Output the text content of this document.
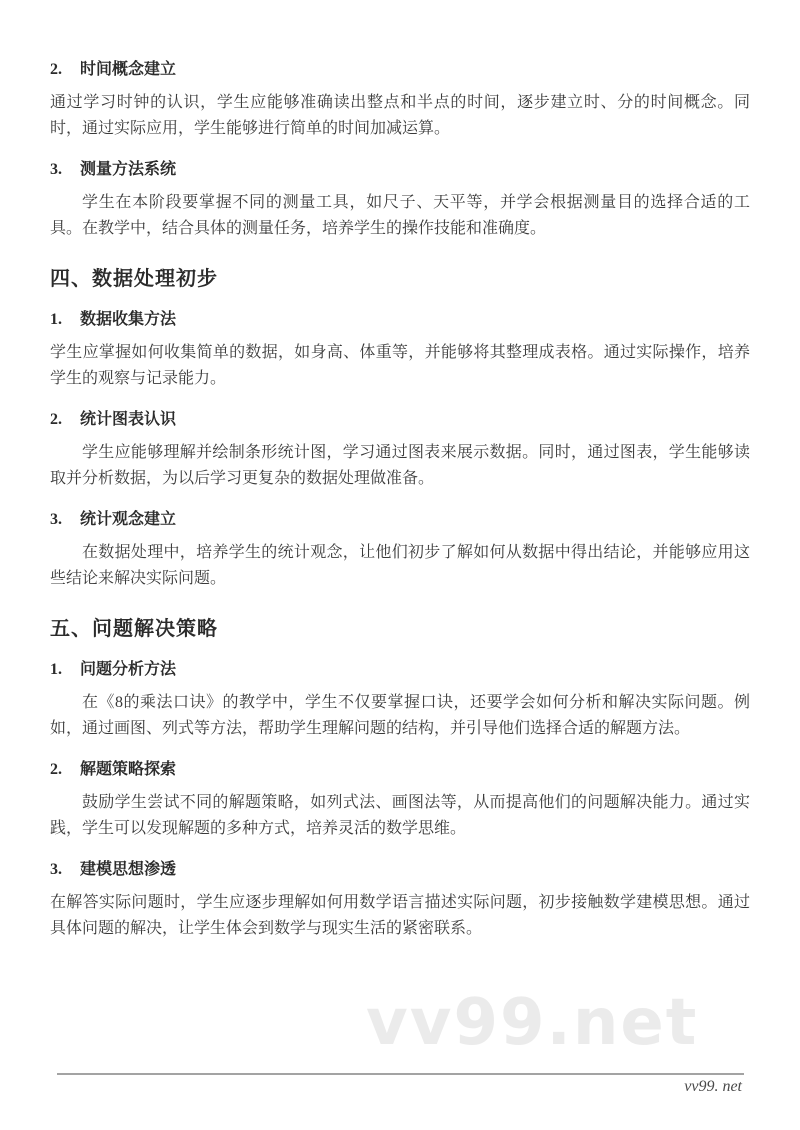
2. 时间概念建立

通过学习时钟的认识，学生应能够准确读出整点和半点的时间，逐步建立时、分的时间概念。同时，通过实际应用，学生能够进行简单的时间加减运算。

3. 测量方法系统

学生在本阶段要掌握不同的测量工具，如尺子、天平等，并学会根据测量目的选择合适的工具。在教学中，结合具体的测量任务，培养学生的操作技能和准确度。

四、数据处理初步
1. 数据收集方法

学生应掌握如何收集简单的数据，如身高、体重等，并能够将其整理成表格。通过实际操作，培养学生的观察与记录能力。

2. 统计图表认识

学生应能够理解并绘制条形统计图，学习通过图表来展示数据。同时，通过图表，学生能够读取并分析数据，为以后学习更复杂的数据处理做准备。

3. 统计观念建立

在数据处理中，培养学生的统计观念，让他们初步了解如何从数据中得出结论，并能够应用这些结论来解决实际问题。

五、问题解决策略
1. 问题分析方法

在《8的乘法口诀》的教学中，学生不仅要掌握口诀，还要学会如何分析和解决实际问题。例如，通过画图、列式等方法，帮助学生理解问题的结构，并引导他们选择合适的解题方法。

2. 解题策略探索

鼓励学生尝试不同的解题策略，如列式法、画图法等，从而提高他们的问题解决能力。通过实践，学生可以发现解题的多种方式，培养灵活的数学思维。

3. 建模思想渗透

在解答实际问题时，学生应逐步理解如何用数学语言描述实际问题，初步接触数学建模思想。通过具体问题的解决，让学生体会到数学与现实生活的紧密联系。

vv99.net
vv99. net
